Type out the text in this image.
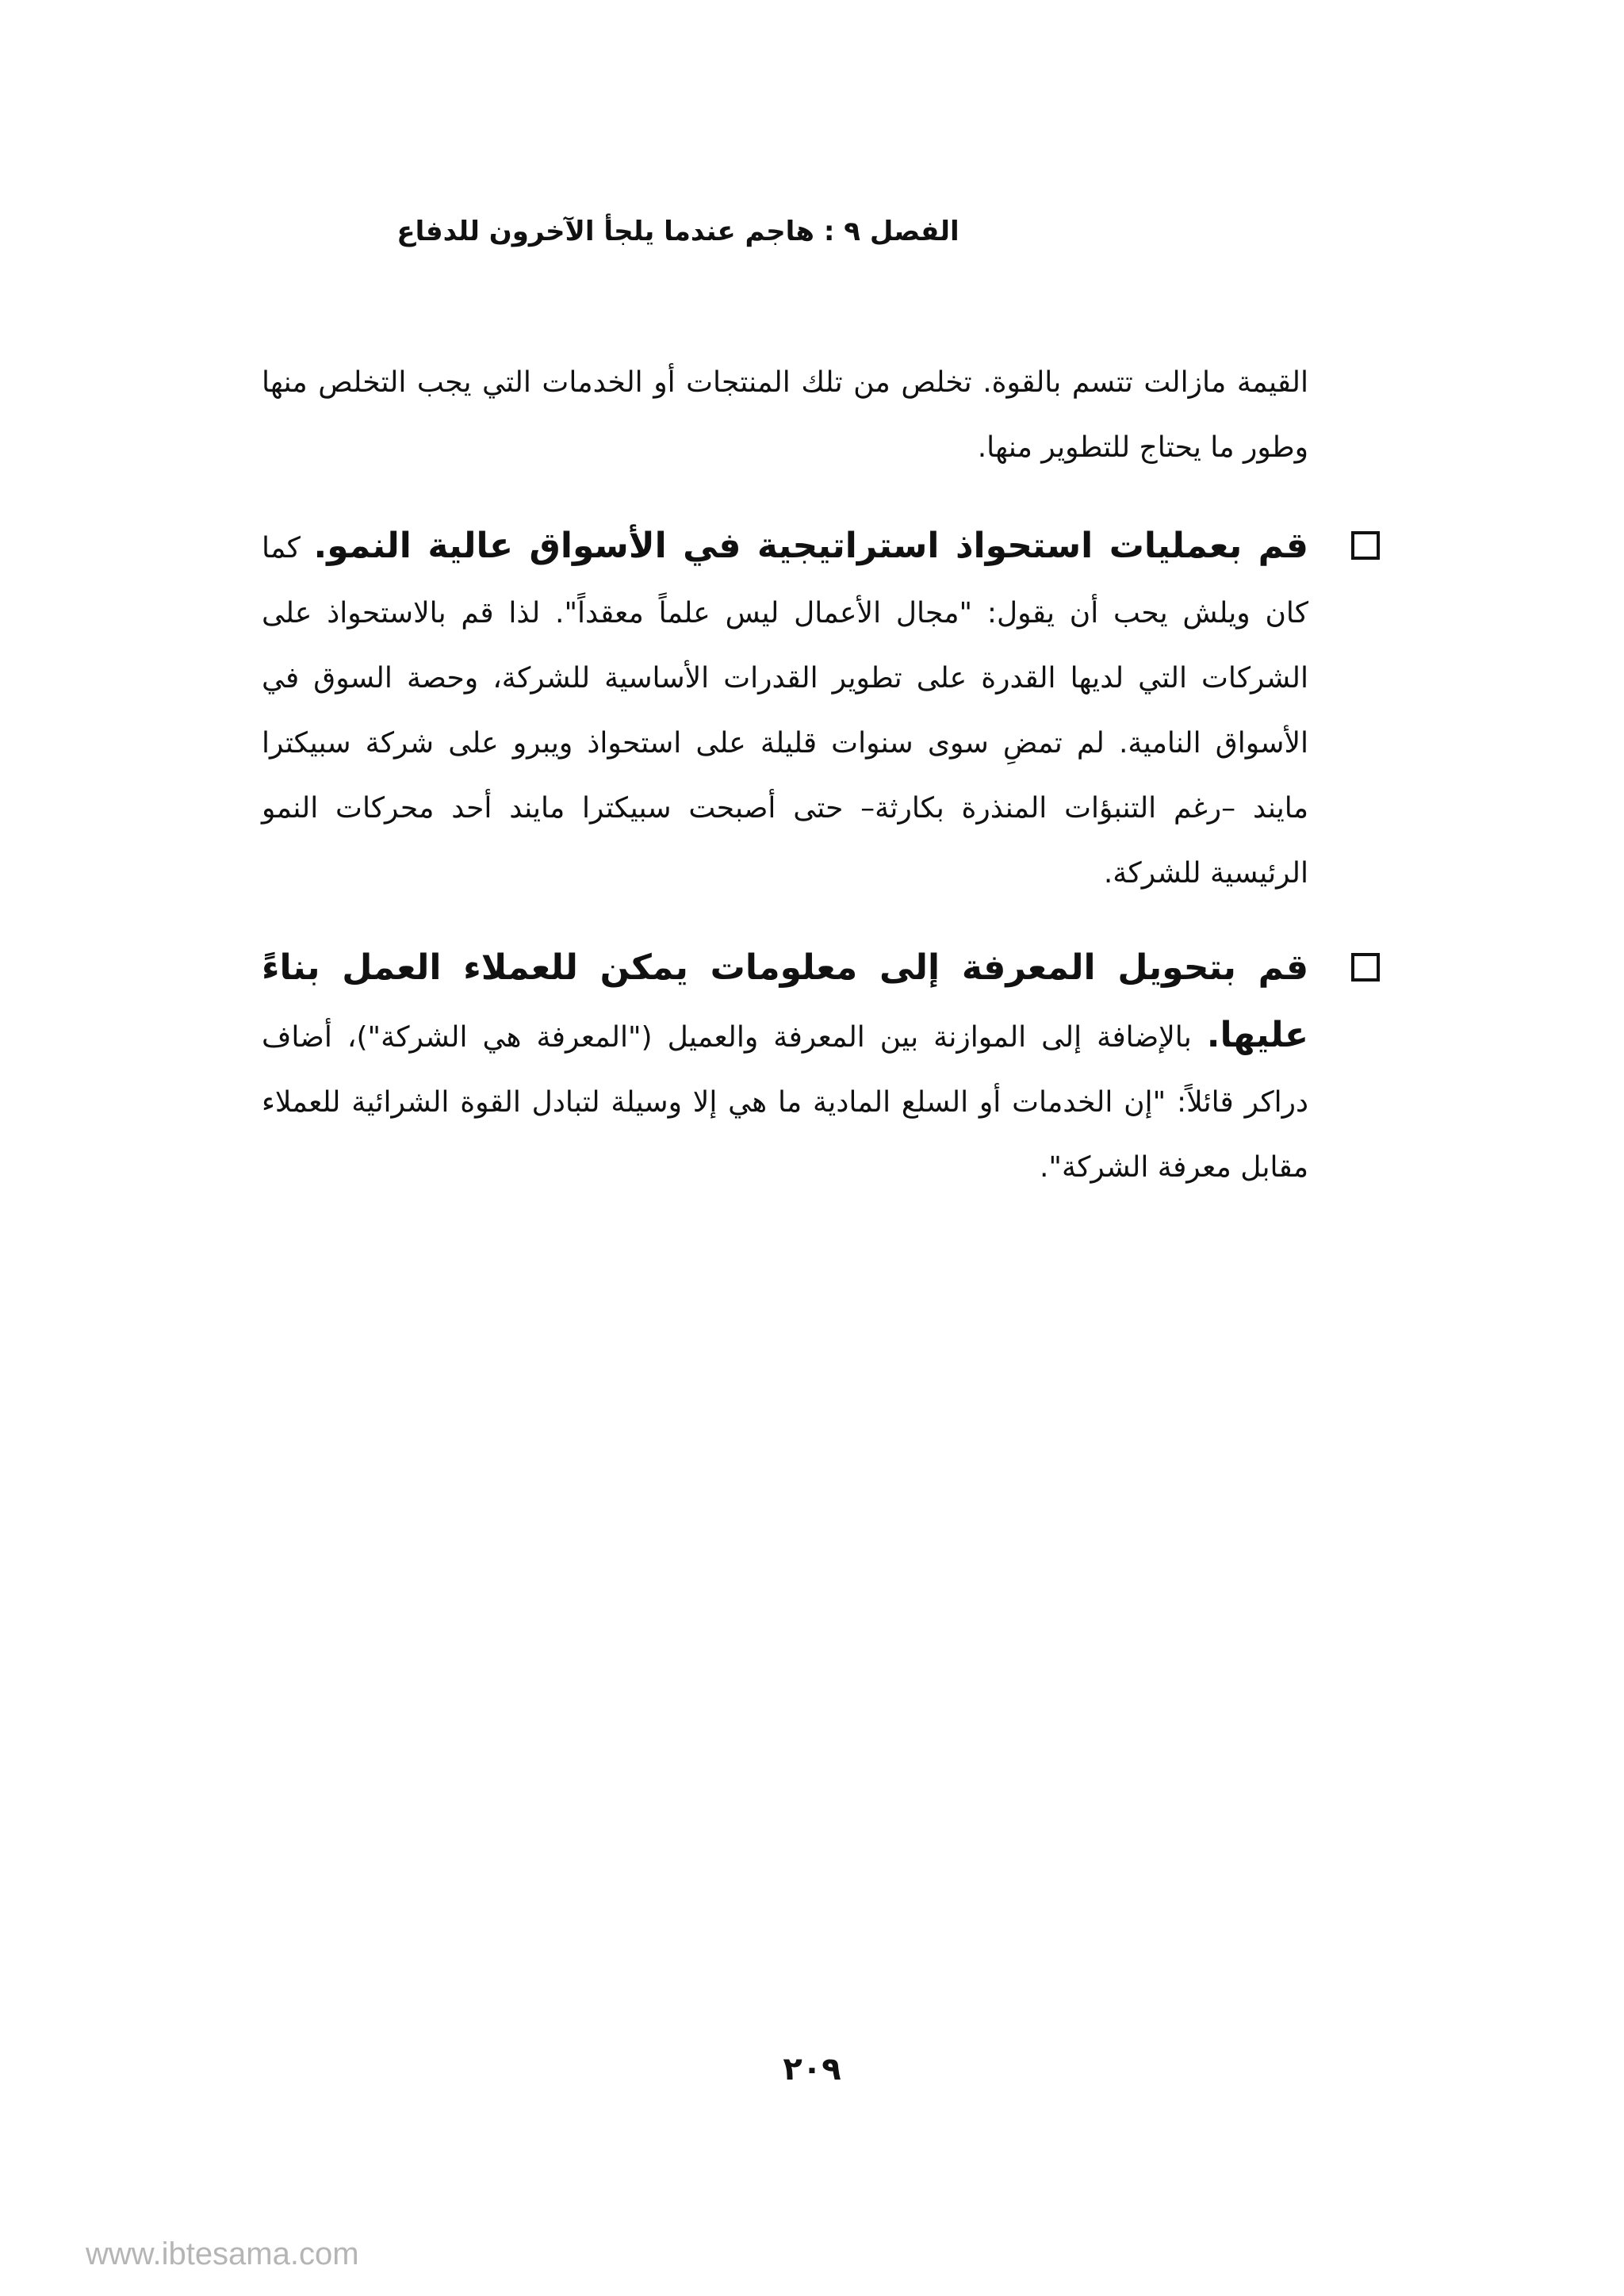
الفصل ٩ : هاجم عندما يلجأ الآخرون للدفاع
القيمة مازالت تتسم بالقوة. تخلص من تلك المنتجات أو الخدمات التي يجب التخلص منها وطور ما يحتاج للتطوير منها.
قم بعمليات استحواذ استراتيجية في الأسواق عالية النمو. كما كان ويلش يحب أن يقول: "مجال الأعمال ليس علماً معقداً". لذا قم بالاستحواذ على الشركات التي لديها القدرة على تطوير القدرات الأساسية للشركة، وحصة السوق في الأسواق النامية. لم تمضِ سوى سنوات قليلة على استحواذ ويبرو على شركة سبيكترا مايند –رغم التنبؤات المنذرة بكارثة– حتى أصبحت سبيكترا مايند أحد محركات النمو الرئيسية للشركة.
قم بتحويل المعرفة إلى معلومات يمكن للعملاء العمل بناءً عليها. بالإضافة إلى الموازنة بين المعرفة والعميل ("المعرفة هي الشركة")، أضاف دراكر قائلاً: "إن الخدمات أو السلع المادية ما هي إلا وسيلة لتبادل القوة الشرائية للعملاء مقابل معرفة الشركة".
٢٠٩
www.ibtesama.com
